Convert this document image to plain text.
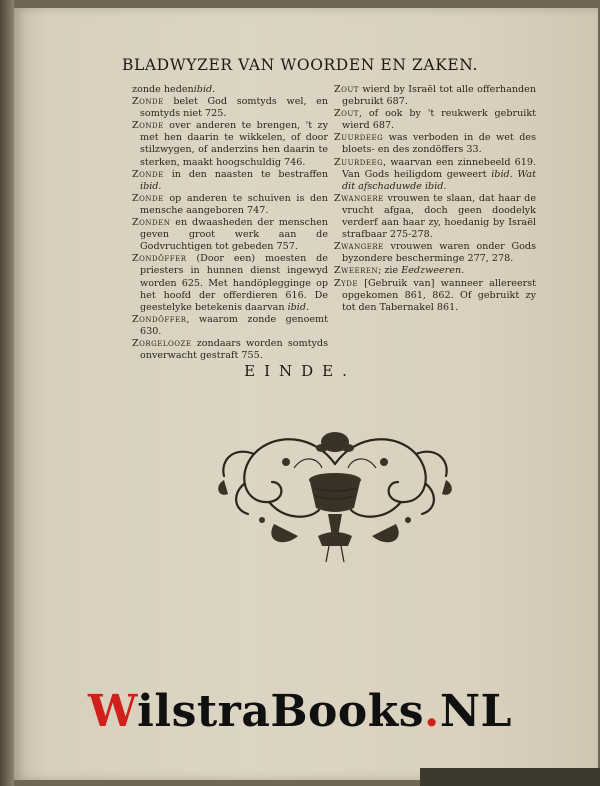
BLADWYZER VAN WOORDEN EN ZAKEN.

zonde hedenibid.

Zonde belet God somtyds wel, en somtyds niet 725.

Zonde over anderen te brengen, 't zy met hen daarin te wikkelen, of door stilzwygen, of anderzins hen daarin te sterken, maakt hoogschuldig 746.

Zonde in den naasten te bestraffen ibid.

Zonde op anderen te schuiven is den mensche aangeboren 747.

Zonden en dwaasheden der menschen geven groot werk aan de Godvruchtigen tot gebeden 757.

Zondöffer (Door een) moesten de priesters in hunnen dienst ingewyd worden 625. Met handöplegginge op het hoofd der offerdieren 616. De geestelyke betekenis daarvan ibid.

Zondöffer, waarom zonde genoemt 630.

Zorgelooze zondaars worden somtyds onverwacht gestraft 755.

Zout wierd by Israël tot alle offerhanden gebruikt 687.

Zout, of ook by 't reukwerk gebruikt wierd 687.

Zuurdeeg was verboden in de wet des bloets- en des zondöffers 33.

Zuurdeeg, waarvan een zinnebeeld 619. Van Gods heiligdom geweert ibid. Wat dit afschaduwde ibid.

Zwangere vrouwen te slaan, dat haar de vrucht afgaa, doch geen doodelyk verderf aan haar zy, hoedanig by Israël strafbaar 275-278.

Zwangere vrouwen waren onder Gods byzondere bescherminge 277, 278.

Zweeren; zie Eedzweeren.

Zyde [Gebruik van] wanneer allereerst opgekomen 861, 862. Of gebruikt zy tot den Tabernakel 861.

EINDE.
WilstraBooks.NL
